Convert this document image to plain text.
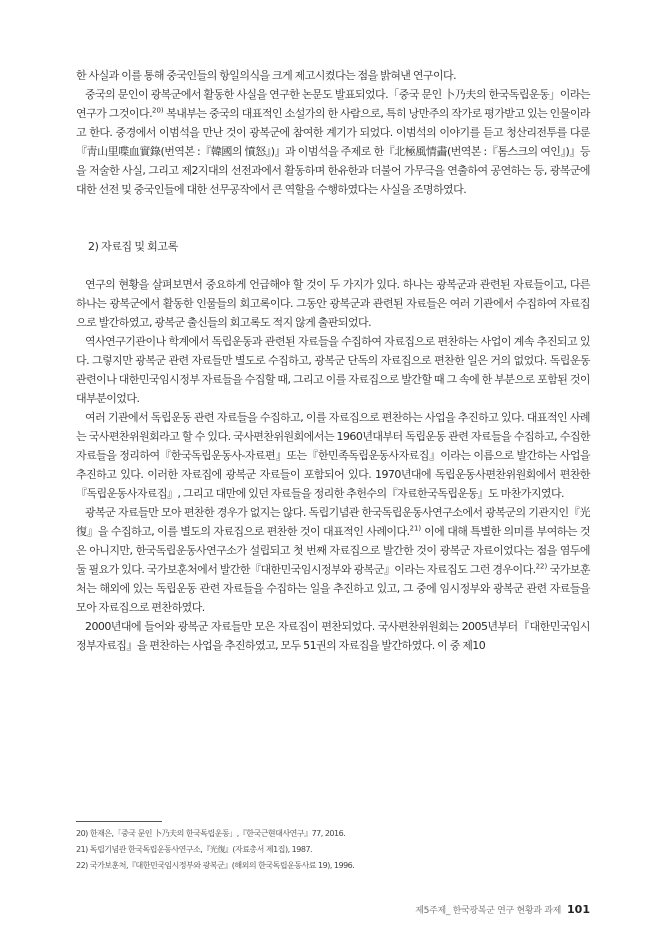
한 사실과 이를 통해 중국인들의 항일의식을 크게 제고시켰다는 점을 밝혀낸 연구이다.

중국의 문인이 광복군에서 활동한 사실을 연구한 논문도 발표되었다.「중국 문인 卜乃夫의 한국독립운동」이라는 연구가 그것이다.$^{20)}$ 복내부는 중국의 대표적인 소설가의 한 사람으로, 특히 낭만주의 작가로 평가받고 있는 인물이라고 한다. 중경에서 이범석을 만난 것이 광복군에 참여한 계기가 되었다. 이범석의 이야기를 듣고 청산리전투를 다룬『靑山里喋血實錄(번역본 :『韓國의 憤怒』)』과 이범석을 주제로 한『北極風情畵(번역본 :『톰스크의 여인』)』등을 저술한 사실, 그리고 제2지대의 선전과에서 활동하며 한유한과 더불어 가무극을 연출하여 공연하는 등, 광복군에 대한 선전 및 중국인들에 대한 선무공작에서 큰 역할을 수행하였다는 사실을 조명하였다.

2) 자료집 및 회고록

연구의 현황을 살펴보면서 중요하게 언급해야 할 것이 두 가지가 있다. 하나는 광복군과 관련된 자료들이고, 다른 하나는 광복군에서 활동한 인물들의 회고록이다. 그동안 광복군과 관련된 자료들은 여러 기관에서 수집하여 자료집으로 발간하였고, 광복군 출신들의 회고록도 적지 않게 출판되었다.

역사연구기관이나 학계에서 독립운동과 관련된 자료들을 수집하여 자료집으로 편찬하는 사업이 계속 추진되고 있다. 그렇지만 광복군 관련 자료들만 별도로 수집하고, 광복군 단독의 자료집으로 편찬한 일은 거의 없었다. 독립운동 관련이나 대한민국임시정부 자료들을 수집할 때, 그리고 이를 자료집으로 발간할 때 그 속에 한 부분으로 포함된 것이 대부분이었다.

여러 기관에서 독립운동 관련 자료들을 수집하고, 이를 자료집으로 편찬하는 사업을 추진하고 있다. 대표적인 사례는 국사편찬위원회라고 할 수 있다. 국사편찬위원회에서는 1960년대부터 독립운동 관련 자료들을 수집하고, 수집한 자료들을 정리하여『한국독립운동사-자료편』또는『한민족독립운동사자료집』이라는 이름으로 발간하는 사업을 추진하고 있다. 이러한 자료집에 광복군 자료들이 포함되어 있다. 1970년대에 독립운동사편찬위원회에서 편찬한『독립운동사자료집』, 그리고 대만에 있던 자료들을 정리한 추헌수의『자료한국독립운동』도 마찬가지였다.

광복군 자료들만 모아 편찬한 경우가 없지는 않다. 독립기념관 한국독립운동사연구소에서 광복군의 기관지인『光復』을 수집하고, 이를 별도의 자료집으로 편찬한 것이 대표적인 사례이다.$^{21)}$ 이에 대해 특별한 의미를 부여하는 것은 아니지만, 한국독립운동사연구소가 설립되고 첫 번째 자료집으로 발간한 것이 광복군 자료이었다는 점을 염두에 둘 필요가 있다. 국가보훈처에서 발간한『대한민국임시정부와 광복군』이라는 자료집도 그런 경우이다.$^{22)}$ 국가보훈처는 해외에 있는 독립운동 관련 자료들을 수집하는 일을 추진하고 있고, 그 중에 임시정부와 광복군 관련 자료들을 모아 자료집으로 편찬하였다.

2000년대에 들어와 광복군 자료들만 모은 자료집이 편찬되었다. 국사편찬위원회는 2005년부터『대한민국임시정부자료집』을 편찬하는 사업을 추진하였고, 모두 51권의 자료집을 발간하였다. 이 중 제10

20) 한재은,「중국 문인 卜乃夫의 한국독립운동」,『한국근현대사연구』77, 2016.
21) 독립기념관 한국독립운동사연구소,『光復』(자료총서 제1집), 1987.
22) 국가보훈처,『대한민국임시정부와 광복군』(해외의 한국독립운동사료 19), 1996.
제5주제_ 한국광복군 연구 현황과 과제 101
